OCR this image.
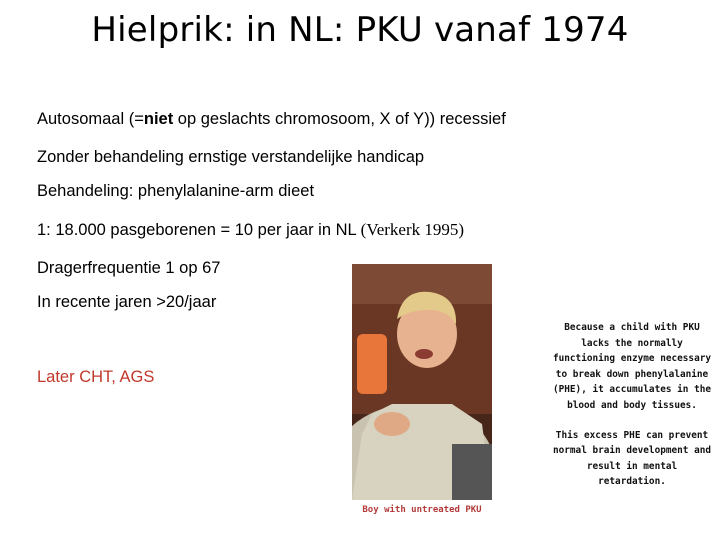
Hielprik: in NL: PKU vanaf 1974
Autosomaal (=niet op geslachts chromosoom, X of Y)) recessief
Zonder behandeling ernstige verstandelijke handicap
Behandeling: phenylalanine-arm dieet
1: 18.000 pasgeborenen = 10 per jaar in NL (Verkerk 1995)
Dragerfrequentie 1 op 67
In recente jaren >20/jaar
Later CHT, AGS
Boy with untreated PKU

Because a child with PKU lacks the normally functioning enzyme necessary to break down phenylalanine (PHE), it accumulates in the blood and body tissues.

This excess PHE can prevent normal brain development and result in mental retardation.
